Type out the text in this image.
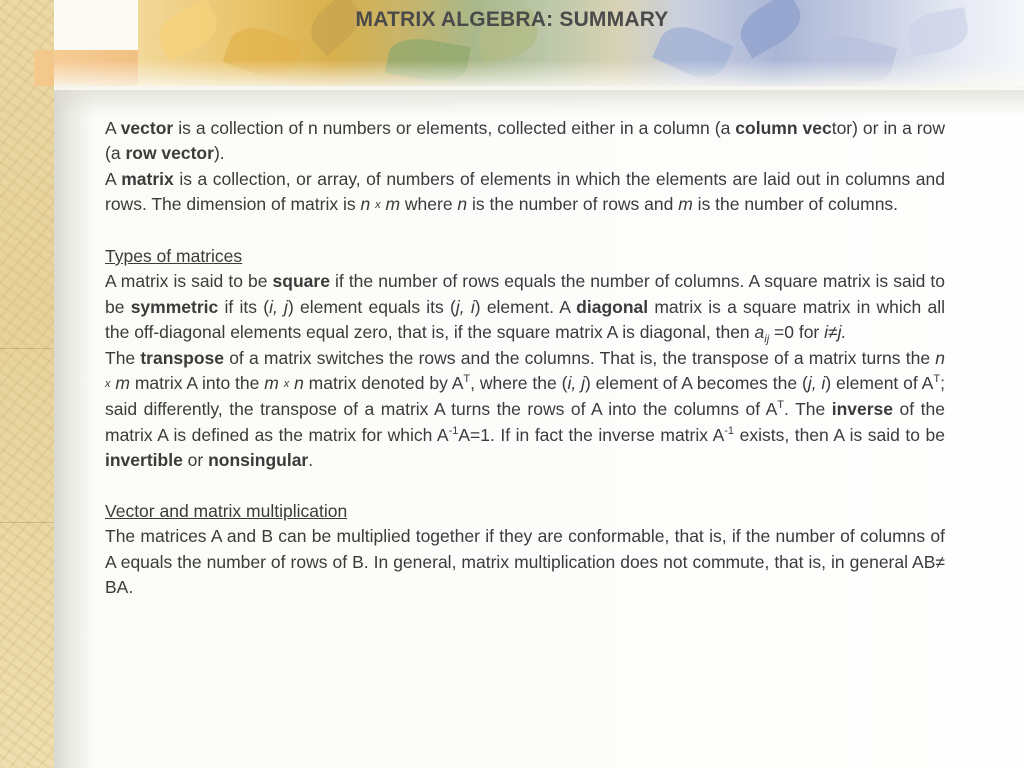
MATRIX ALGEBRA: SUMMARY

A vector is a collection of n numbers or elements, collected either in a column (a column vector) or in a row (a row vector).

A matrix is a collection, or array, of numbers of elements in which the elements are laid out in columns and rows. The dimension of matrix is n x m where n is the number of rows and m is the number of columns.

Types of matrices

A matrix is said to be square if the number of rows equals the number of columns. A square matrix is said to be symmetric if its (i, j) element equals its (j, i) element. A diagonal matrix is a square matrix in which all the off-diagonal elements equal zero, that is, if the square matrix A is diagonal, then $a_{ij} =0$ for i≠j.

The transpose of a matrix switches the rows and the columns. That is, the transpose of a matrix turns the n x m matrix A into the m x n matrix denoted by $A^T$, where the (i, j) element of A becomes the (j, i) element of $A^T$; said differently, the transpose of a matrix A turns the rows of A into the columns of $A^T$. The inverse of the matrix A is defined as the matrix for which $A^{-1}A=1$. If in fact the inverse matrix $A^{-1}$ exists, then A is said to be invertible or nonsingular.

Vector and matrix multiplication

The matrices A and B can be multiplied together if they are conformable, that is, if the number of columns of A equals the number of rows of B. In general, matrix multiplication does not commute, that is, in general AB≠ BA.
